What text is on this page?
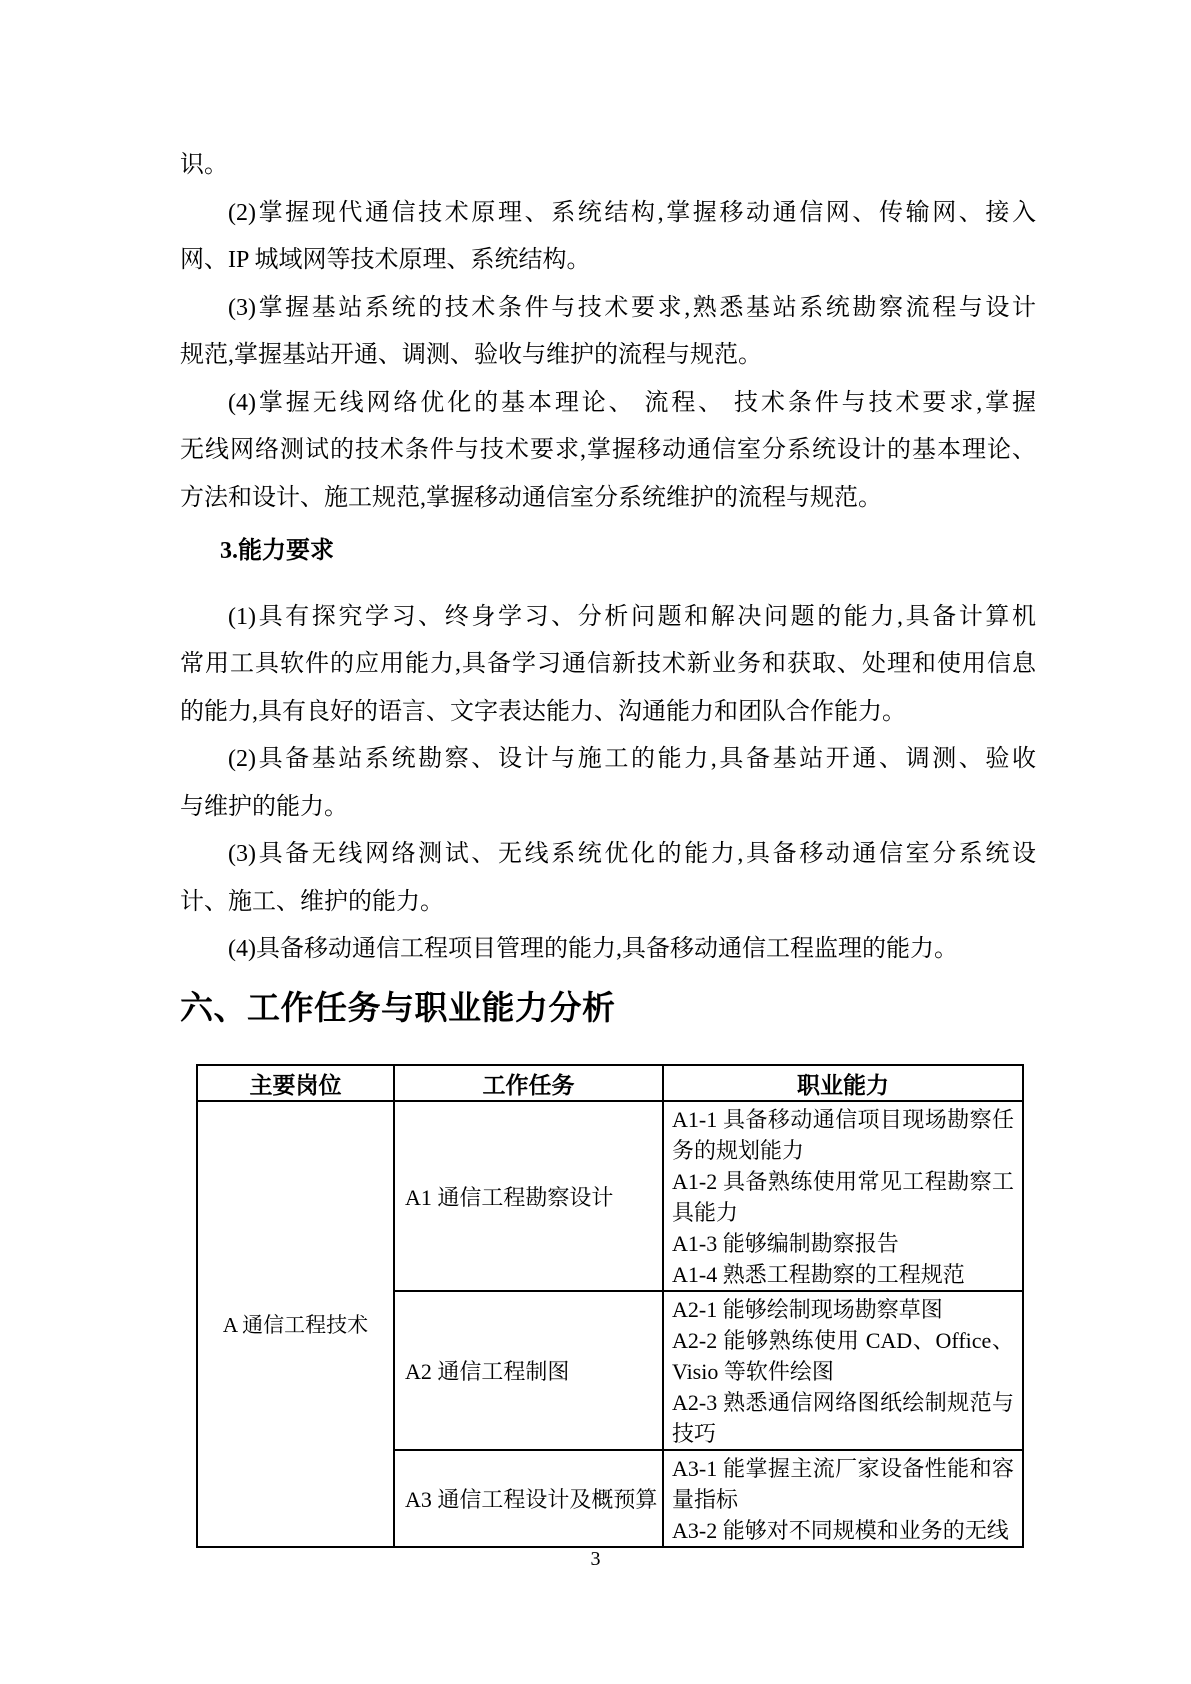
识。
(2)掌握现代通信技术原理、系统结构,掌握移动通信网、传输网、接入
网、IP 城域网等技术原理、系统结构。
(3)掌握基站系统的技术条件与技术要求,熟悉基站系统勘察流程与设计
规范,掌握基站开通、调测、验收与维护的流程与规范。
(4)掌握无线网络优化的基本理论、 流程、 技术条件与技术要求,掌握
无线网络测试的技术条件与技术要求,掌握移动通信室分系统设计的基本理论、
方法和设计、施工规范,掌握移动通信室分系统维护的流程与规范。
3.能力要求
(1)具有探究学习、终身学习、分析问题和解决问题的能力,具备计算机
常用工具软件的应用能力,具备学习通信新技术新业务和获取、处理和使用信息
的能力,具有良好的语言、文字表达能力、沟通能力和团队合作能力。
(2)具备基站系统勘察、设计与施工的能力,具备基站开通、调测、验收
与维护的能力。
(3)具备无线网络测试、无线系统优化的能力,具备移动通信室分系统设
计、施工、维护的能力。
(4)具备移动通信工程项目管理的能力,具备移动通信工程监理的能力。
六、工作任务与职业能力分析
主要岗位	工作任务	职业能力
A 通信工程技术	A1 通信工程勘察设计	A1-1 具备移动通信项目现场勘察任务的规划能力
A1-2 具备熟练使用常见工程勘察工具能力
A1-3 能够编制勘察报告
A1-4 熟悉工程勘察的工程规范

	A2 通信工程制图	A2-1 能够绘制现场勘察草图
A2-2 能够熟练使用 CAD、Office、Visio 等软件绘图
A2-3 熟悉通信网络图纸绘制规范与技巧

	A3 通信工程设计及概预算	A3-1 能掌握主流厂家设备性能和容量指标
A3-2 能够对不同规模和业务的无线
3
